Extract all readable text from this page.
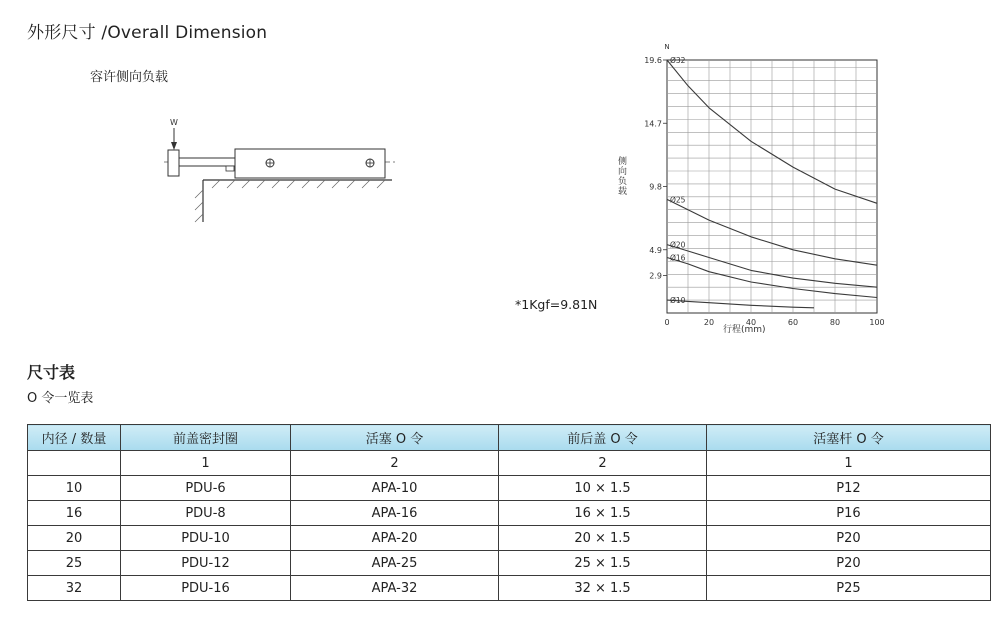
外形尺寸 /Overall Dimension
容许侧向负载
W
2.9
4.9
9.8
14.7
19.6
0	20	40	60	80	100
Ø32
Ø25
Ø20
Ø16
Ø10
N
侧向负载
行程(mm)
*1Kgf=9.81N
尺寸表
O 令一览表
内径 / 数量	前盖密封圈	活塞 O 令	前后盖 O 令	活塞杆 O 令
	1	2	2	1
10	PDU-6	APA-10	10 × 1.5	P12
16	PDU-8	APA-16	16 × 1.5	P16
20	PDU-10	APA-20	20 × 1.5	P20
25	PDU-12	APA-25	25 × 1.5	P20
32	PDU-16	APA-32	32 × 1.5	P25
